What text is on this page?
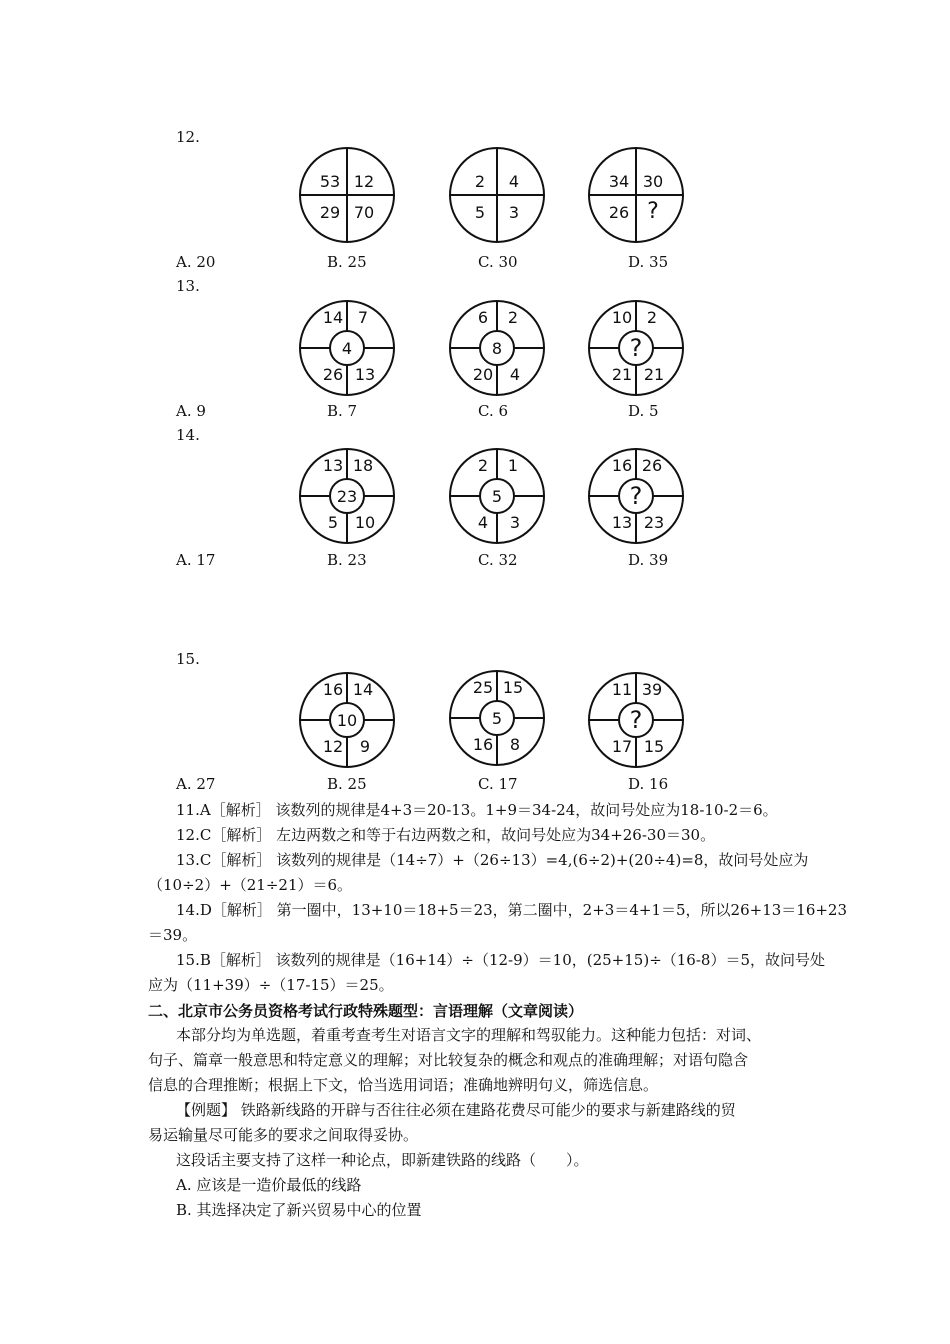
12.
53 12
29 70
2 4
5 3
34 30
26 ?
4
14 7
26 13
8
6 2
20 4
?
10 2
21 21
23
13 18
5 10
5
2 1
4 3
?
16 26
13 23
10
16 14
12 9
5
25 15
16 8
?
11 39
17 15
A. 20	B. 25	C. 30	D. 35
13.
A. 9	B. 7	C. 6	D. 5
14.
A. 17	B. 23	C. 32	D. 39
15.
A. 27	B. 25	C. 17	D. 16
11.A［解析］ 该数列的规律是4+3＝20-13。1+9＝34-24，故问号处应为18-10-2＝6。
12.C［解析］ 左边两数之和等于右边两数之和，故问号处应为34+26-30＝30。
13.C［解析］ 该数列的规律是（14÷7）+（26÷13）=4,(6÷2)+(20÷4)=8，故问号处应为
（10÷2）+（21÷21）＝6。
14.D［解析］ 第一圈中，13+10＝18+5＝23，第二圈中，2+3＝4+1＝5，所以26+13＝16+23
＝39。
15.B［解析］ 该数列的规律是（16+14）÷（12-9）＝10，(25+15)÷（16-8）＝5，故问号处
应为（11+39）÷（17-15）＝25。
二、北京市公务员资格考试行政特殊题型：言语理解（文章阅读）
本部分均为单选题，着重考查考生对语言文字的理解和驾驭能力。这种能力包括：对词、
句子、篇章一般意思和特定意义的理解；对比较复杂的概念和观点的准确理解；对语句隐含
信息的合理推断；根据上下文，恰当选用词语；准确地辨明句义，筛选信息。
【例题】 铁路新线路的开辟与否往往必须在建路花费尽可能少的要求与新建路线的贸
易运输量尽可能多的要求之间取得妥协。
这段话主要支持了这样一种论点，即新建铁路的线路（　　）。
A. 应该是一造价最低的线路
B. 其选择决定了新兴贸易中心的位置
